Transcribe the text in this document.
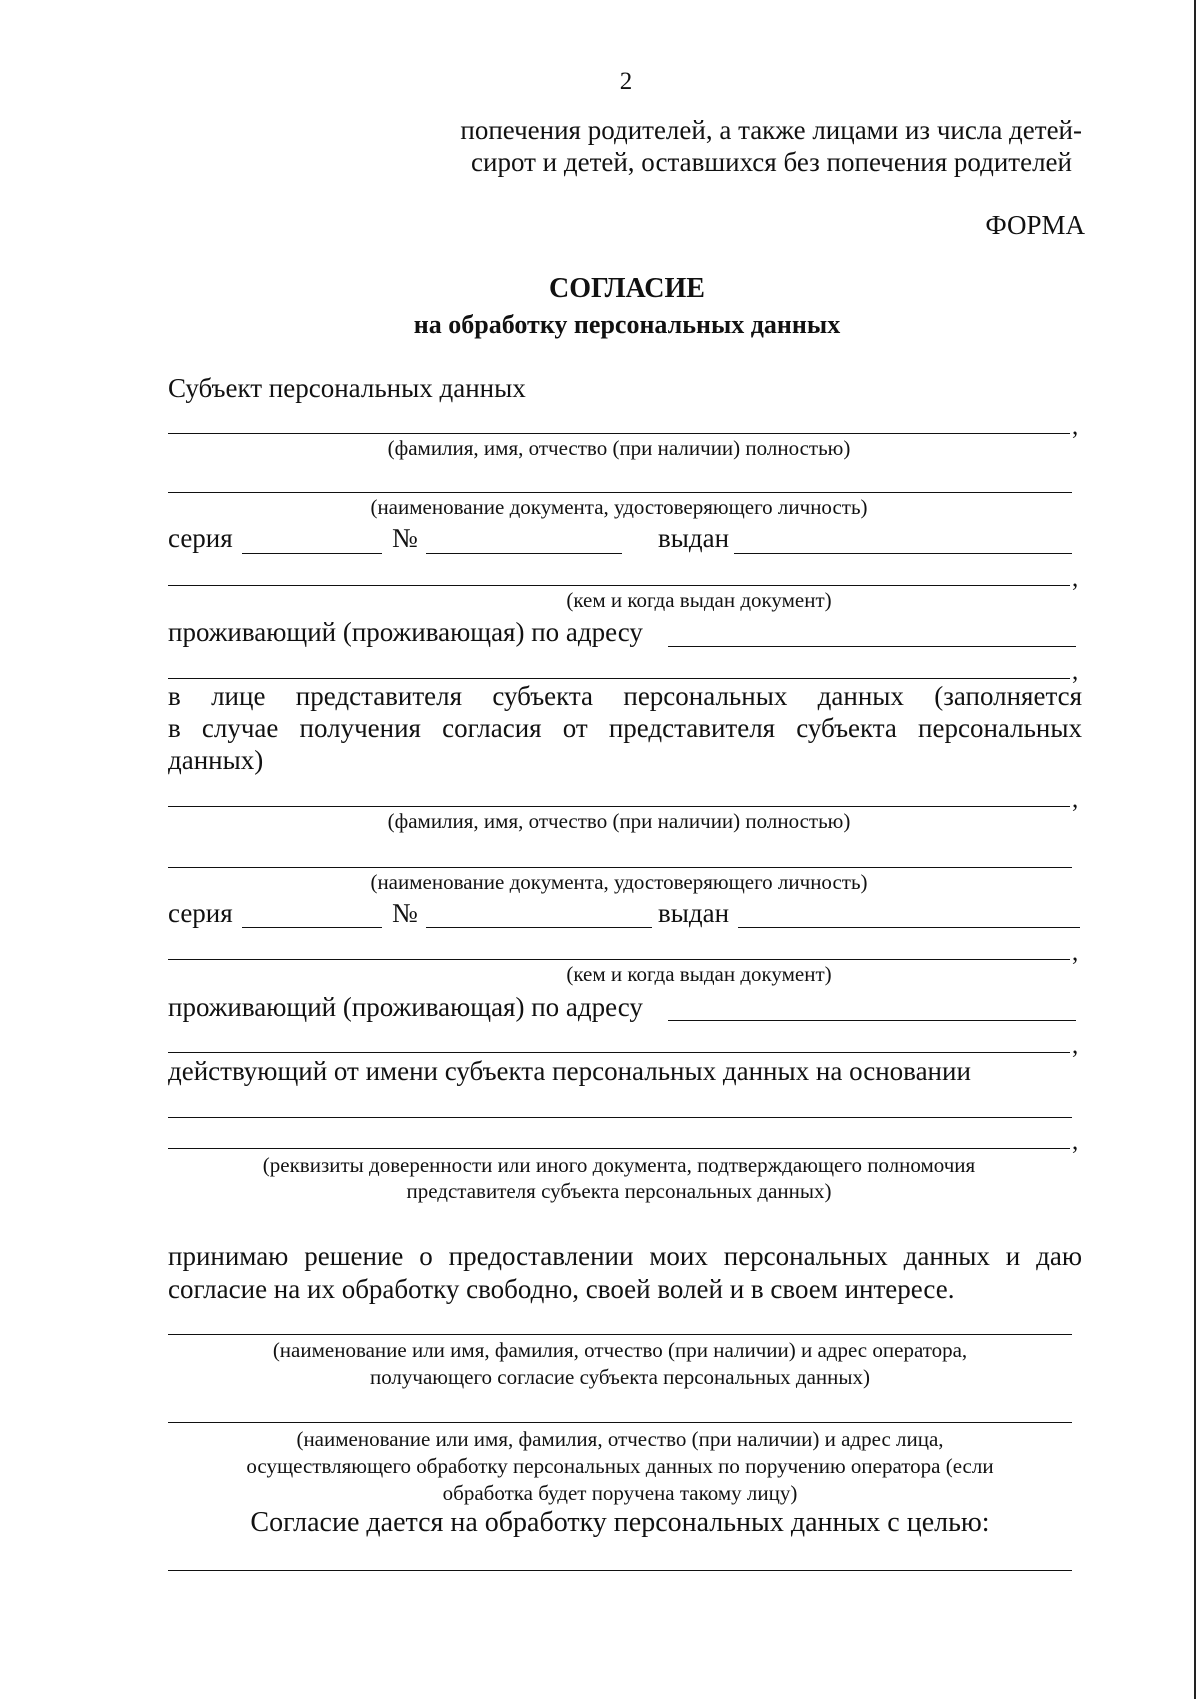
2
попечения родителей, а также лицами из числа детей-
сирот и детей, оставшихся без попечения родителей
ФОРМА
СОГЛАСИЕ
на обработку персональных данных
Субъект персональных данных
,
(фамилия, имя, отчество (при наличии) полностью)
(наименование документа, удостоверяющего личность)
серия	№	выдан
,
(кем и когда выдан документ)
проживающий (проживающая) по адресу
,
в лице представителя субъекта персональных данных (заполняется
в случае получения согласия от представителя субъекта персональных
данных)
,
(фамилия, имя, отчество (при наличии) полностью)
(наименование документа, удостоверяющего личность)
серия	№	выдан
,
(кем и когда выдан документ)
проживающий (проживающая) по адресу
,
действующий от имени субъекта персональных данных на основании
,
(реквизиты доверенности или иного документа, подтверждающего полномочия
представителя субъекта персональных данных)
принимаю решение о предоставлении моих персональных данных и даю
согласие на их обработку свободно, своей волей и в своем интересе.
(наименование или имя, фамилия, отчество (при наличии) и адрес оператора,
получающего согласие субъекта персональных данных)
(наименование или имя, фамилия, отчество (при наличии) и адрес лица,
осуществляющего обработку персональных данных по поручению оператора (если
обработка будет поручена такому лицу)
Согласие дается на обработку персональных данных с целью:
